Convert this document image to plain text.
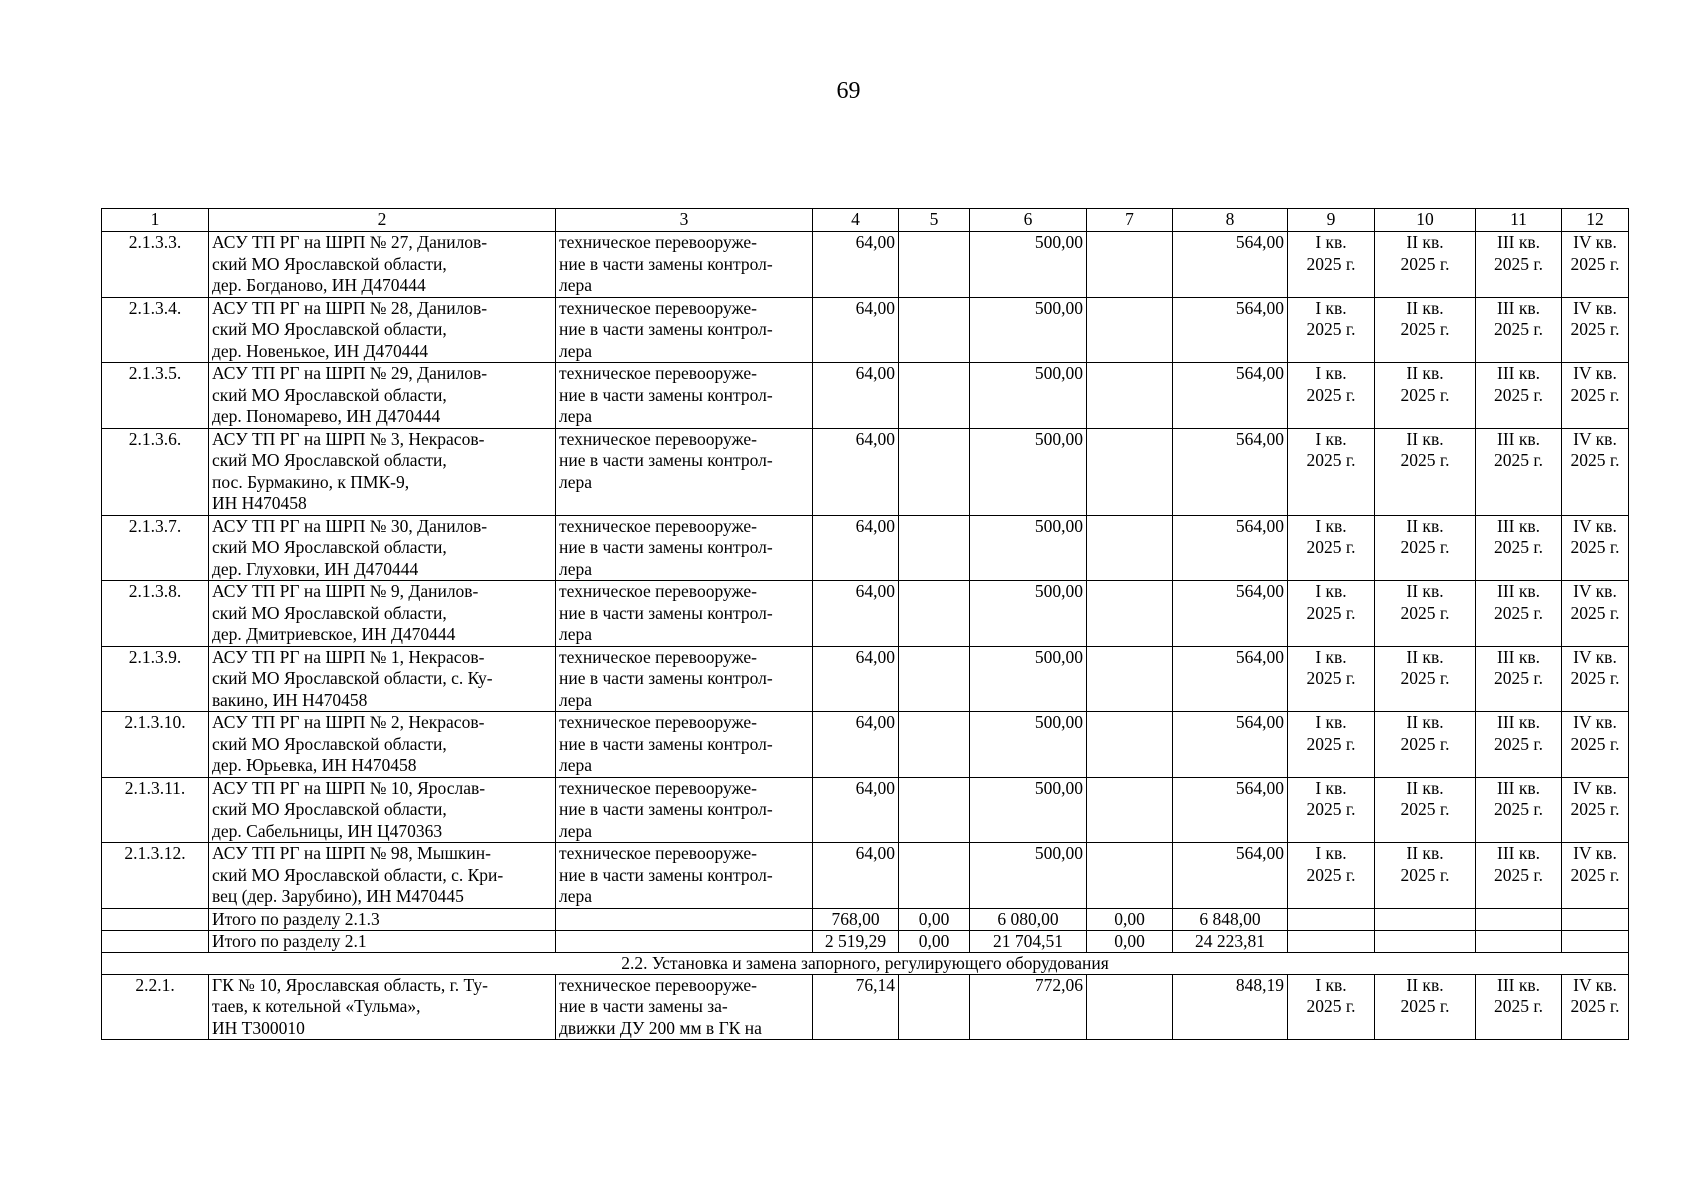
69
1	2	3	4	5	6	7	8	9	10	11	12
2.1.3.3.	АСУ ТП РГ на ШРП № 27, Данилов-
ский МО Ярославской области,
дер. Богданово, ИН Д470444	техническое перевооруже-
ние в части замены контрол-
лера	64,00		500,00		564,00	I кв.
2025 г.	II кв.
2025 г.	III кв.
2025 г.	IV кв.
2025 г.

2.1.3.4.	АСУ ТП РГ на ШРП № 28, Данилов-
ский МО Ярославской области,
дер. Новенькое, ИН Д470444	техническое перевооруже-
ние в части замены контрол-
лера	64,00		500,00		564,00	I кв.
2025 г.	II кв.
2025 г.	III кв.
2025 г.	IV кв.
2025 г.

2.1.3.5.	АСУ ТП РГ на ШРП № 29, Данилов-
ский МО Ярославской области,
дер. Пономарево, ИН Д470444	техническое перевооруже-
ние в части замены контрол-
лера	64,00		500,00		564,00	I кв.
2025 г.	II кв.
2025 г.	III кв.
2025 г.	IV кв.
2025 г.

2.1.3.6.	АСУ ТП РГ на ШРП № 3, Некрасов-
ский МО Ярославской области,
пос. Бурмакино, к ПМК-9,
ИН Н470458	техническое перевооруже-
ние в части замены контрол-
лера	64,00		500,00		564,00	I кв.
2025 г.	II кв.
2025 г.	III кв.
2025 г.	IV кв.
2025 г.

2.1.3.7.	АСУ ТП РГ на ШРП № 30, Данилов-
ский МО Ярославской области,
дер. Глуховки, ИН Д470444	техническое перевооруже-
ние в части замены контрол-
лера	64,00		500,00		564,00	I кв.
2025 г.	II кв.
2025 г.	III кв.
2025 г.	IV кв.
2025 г.

2.1.3.8.	АСУ ТП РГ на ШРП № 9, Данилов-
ский МО Ярославской области,
дер. Дмитриевское, ИН Д470444	техническое перевооруже-
ние в части замены контрол-
лера	64,00		500,00		564,00	I кв.
2025 г.	II кв.
2025 г.	III кв.
2025 г.	IV кв.
2025 г.

2.1.3.9.	АСУ ТП РГ на ШРП № 1, Некрасов-
ский МО Ярославской области, с. Ку-
вакино, ИН Н470458	техническое перевооруже-
ние в части замены контрол-
лера	64,00		500,00		564,00	I кв.
2025 г.	II кв.
2025 г.	III кв.
2025 г.	IV кв.
2025 г.

2.1.3.10.	АСУ ТП РГ на ШРП № 2, Некрасов-
ский МО Ярославской области,
дер. Юрьевка, ИН Н470458	техническое перевооруже-
ние в части замены контрол-
лера	64,00		500,00		564,00	I кв.
2025 г.	II кв.
2025 г.	III кв.
2025 г.	IV кв.
2025 г.

2.1.3.11.	АСУ ТП РГ на ШРП № 10, Ярослав-
ский МО Ярославской области,
дер. Сабельницы, ИН Ц470363	техническое перевооруже-
ние в части замены контрол-
лера	64,00		500,00		564,00	I кв.
2025 г.	II кв.
2025 г.	III кв.
2025 г.	IV кв.
2025 г.

2.1.3.12.	АСУ ТП РГ на ШРП № 98, Мышкин-
ский МО Ярославской области, с. Кри-
вец (дер. Зарубино), ИН М470445	техническое перевооруже-
ние в части замены контрол-
лера	64,00		500,00		564,00	I кв.
2025 г.	II кв.
2025 г.	III кв.
2025 г.	IV кв.
2025 г.

	Итого по разделу 2.1.3		768,00	0,00	6 080,00	0,00	6 848,00				
	Итого по разделу 2.1		2 519,29	0,00	21 704,51	0,00	24 223,81				
2.2. Установка и замена запорного, регулирующего оборудования											
2.2.1.	ГК № 10, Ярославская область, г. Ту-
таев, к котельной «Тульма»,
ИН Т300010	техническое перевооруже-
ние в части замены за-
движки ДУ 200 мм в ГК на	76,14		772,06		848,19	I кв.
2025 г.	II кв.
2025 г.	III кв.
2025 г.	IV кв.
2025 г.
